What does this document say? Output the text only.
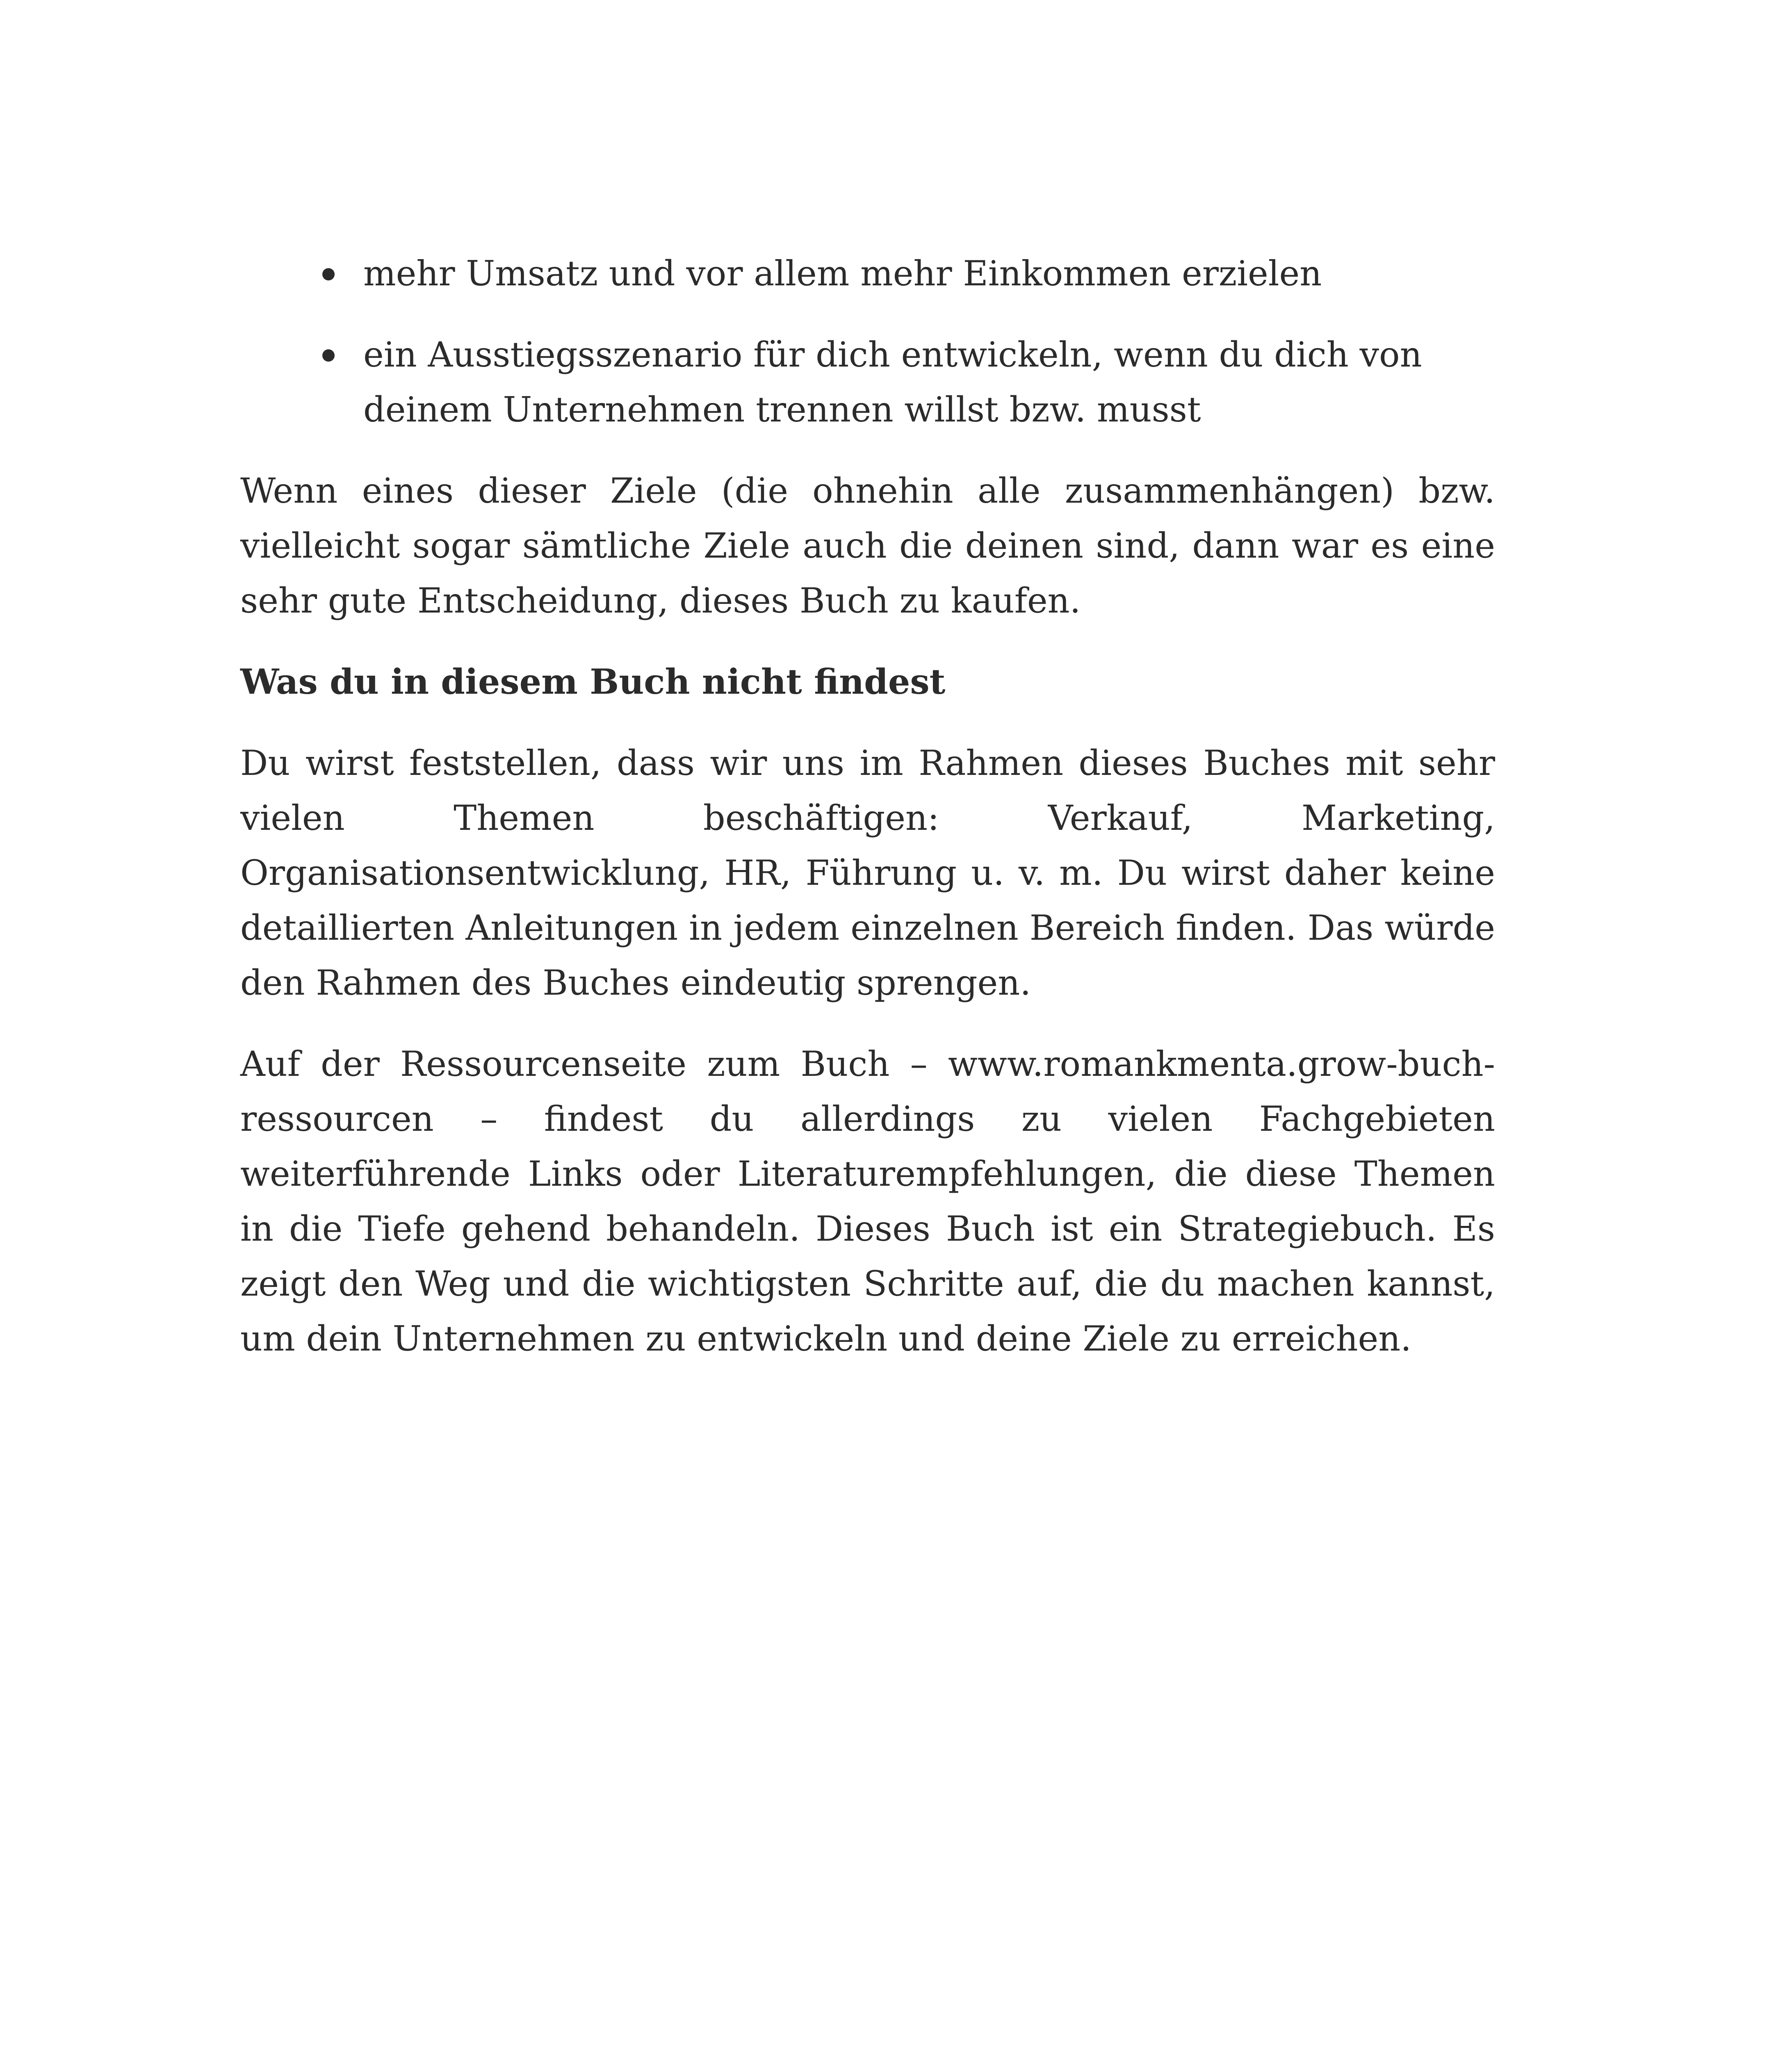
mehr Umsatz und vor allem mehr Einkommen erzielen
ein Ausstiegsszenario für dich entwickeln, wenn du dich von deinem Unternehmen trennen willst bzw. musst

Wenn eines dieser Ziele (die ohnehin alle zusammenhängen) bzw. vielleicht sogar sämtliche Ziele auch die deinen sind, dann war es eine sehr gute Entscheidung, dieses Buch zu kaufen.

Was du in diesem Buch nicht findest

Du wirst feststellen, dass wir uns im Rahmen dieses Buches mit sehr vielen Themen beschäftigen: Verkauf, Marketing, Organisationsentwicklung, HR, Führung u. v. m. Du wirst daher keine detaillierten Anleitungen in jedem einzelnen Bereich finden. Das würde den Rahmen des Buches eindeutig sprengen.

Auf der Ressourcenseite zum Buch – www.romankmenta.grow-buch-ressourcen – findest du allerdings zu vielen Fachgebieten weiterführende Links oder Literaturempfehlungen, die diese Themen in die Tiefe gehend behandeln. Dieses Buch ist ein Strategiebuch. Es zeigt den Weg und die wichtigsten Schritte auf, die du machen kannst, um dein Unternehmen zu entwickeln und deine Ziele zu erreichen.
